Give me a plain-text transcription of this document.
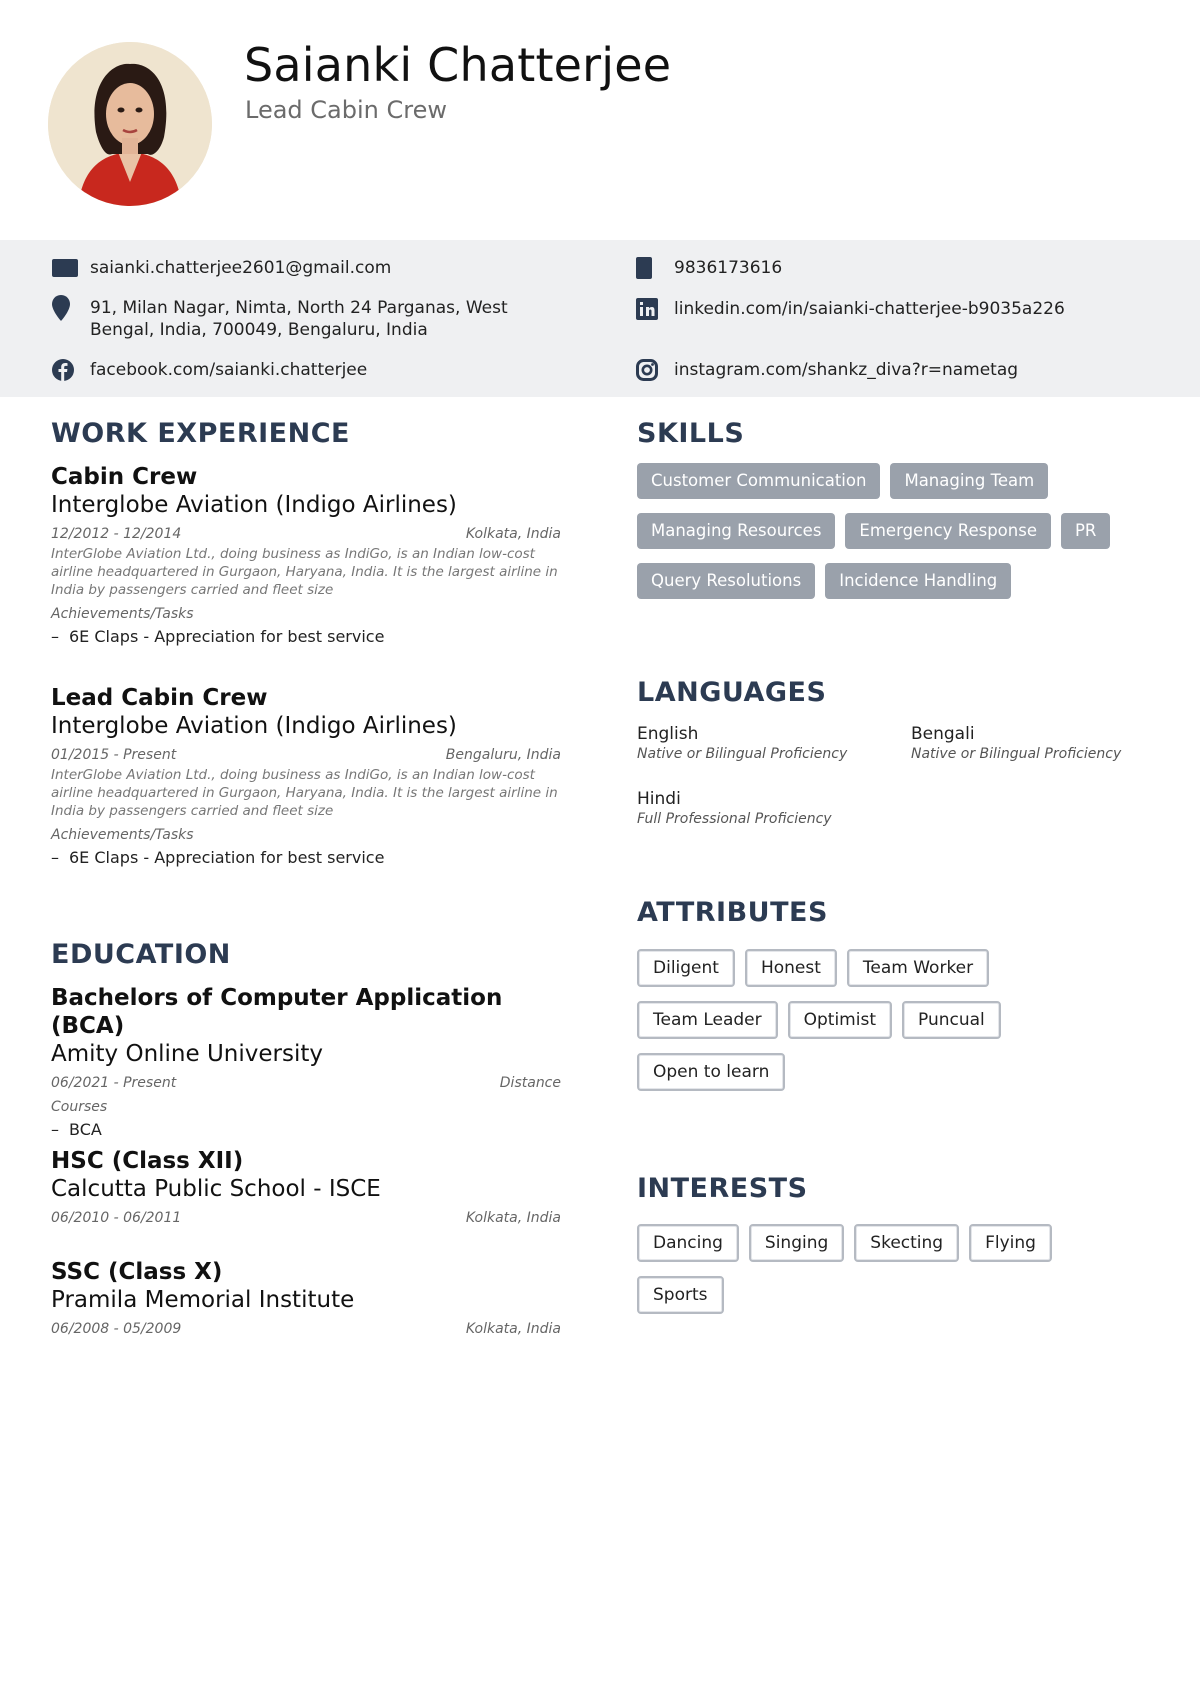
Saianki Chatterjee
Lead Cabin Crew
saianki.chatterjee2601@gmail.com	9836173616
91, Milan Nagar, Nimta, North 24 Parganas, West Bengal, India, 700049, Bengaluru, India
linkedin.com/in/saianki-chatterjee-b9035a226
facebook.com/saianki.chatterjee	instagram.com/shankz_diva?r=nametag
WORK EXPERIENCE
Cabin Crew
Interglobe Aviation (Indigo Airlines)
12/2012 - 12/2014	Kolkata, India
InterGlobe Aviation Ltd., doing business as IndiGo, is an Indian low-cost airline headquartered in Gurgaon, Haryana, India. It is the largest airline in India by passengers carried and fleet size
Achievements/Tasks
– 6E Claps - Appreciation for best service
Lead Cabin Crew
Interglobe Aviation (Indigo Airlines)
01/2015 - Present	Bengaluru, India
InterGlobe Aviation Ltd., doing business as IndiGo, is an Indian low-cost airline headquartered in Gurgaon, Haryana, India. It is the largest airline in India by passengers carried and fleet size
Achievements/Tasks
– 6E Claps - Appreciation for best service
EDUCATION
Bachelors of Computer Application (BCA)
Amity Online University
06/2021 - Present	Distance
Courses
– BCA
HSC (Class XII)
Calcutta Public School - ISCE
06/2010 - 06/2011	Kolkata, India
SSC (Class X)
Pramila Memorial Institute
06/2008 - 05/2009	Kolkata, India
SKILLS
Customer Communication	Managing Team
Managing Resources	Emergency Response	PR
Query Resolutions	Incidence Handling
LANGUAGES
English
Native or Bilingual Proficiency
Bengali
Native or Bilingual Proficiency
Hindi
Full Professional Proficiency
ATTRIBUTES
Diligent	Honest	Team Worker
Team Leader	Optimist	Puncual
Open to learn
INTERESTS
Dancing	Singing	Skecting	Flying
Sports
